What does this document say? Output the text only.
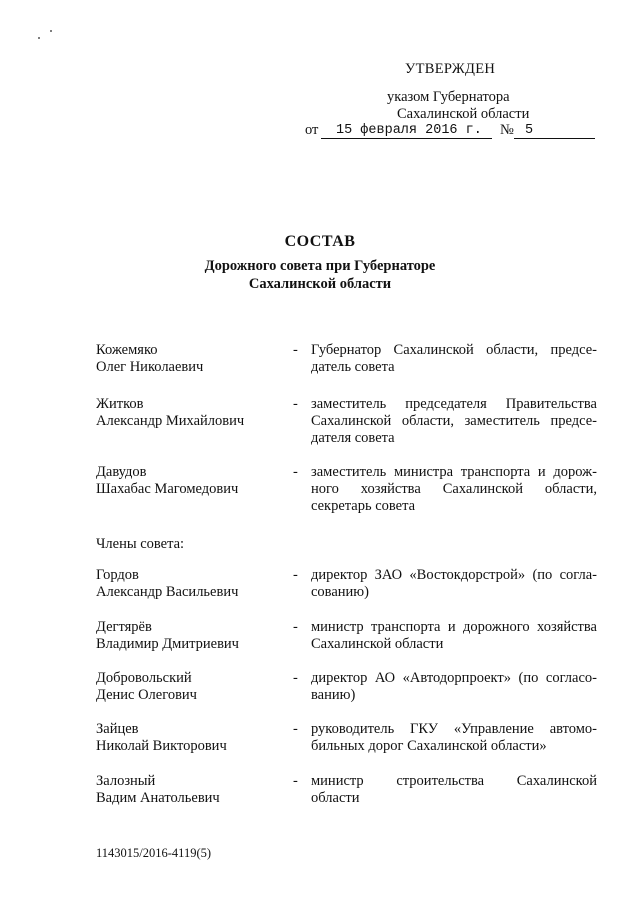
УТВЕРЖДЕН
указом Губернатора
Сахалинской области
от 15 февраля 2016 г. № 5
СОСТАВ
Дорожного совета при Губернаторе
Сахалинской области
Кожемяко
Олег Николаевич
- Губернатор Сахалинской области, предсе-
датель совета
Житков
Александр Михайлович
- заместитель председателя Правительства
Сахалинской области, заместитель предсе-
дателя совета
Давудов
Шахабас Магомедович
- заместитель министра транспорта и дорож-
ного хозяйства Сахалинской области,
секретарь совета
Члены совета:
Гордов
Александр Васильевич
- директор ЗАО «Востокдорстрой» (по согла-
сованию)
Дегтярёв
Владимир Дмитриевич
- министр транспорта и дорожного хозяйства
Сахалинской области
Добровольский
Денис Олегович
- директор АО «Автодорпроект» (по согласо-
ванию)
Зайцев
Николай Викторович
- руководитель ГКУ «Управление автомо-
бильных дорог Сахалинской области»
Залозный
Вадим Анатольевич
- министр строительства Сахалинской
области
1143015/2016-4119(5)
